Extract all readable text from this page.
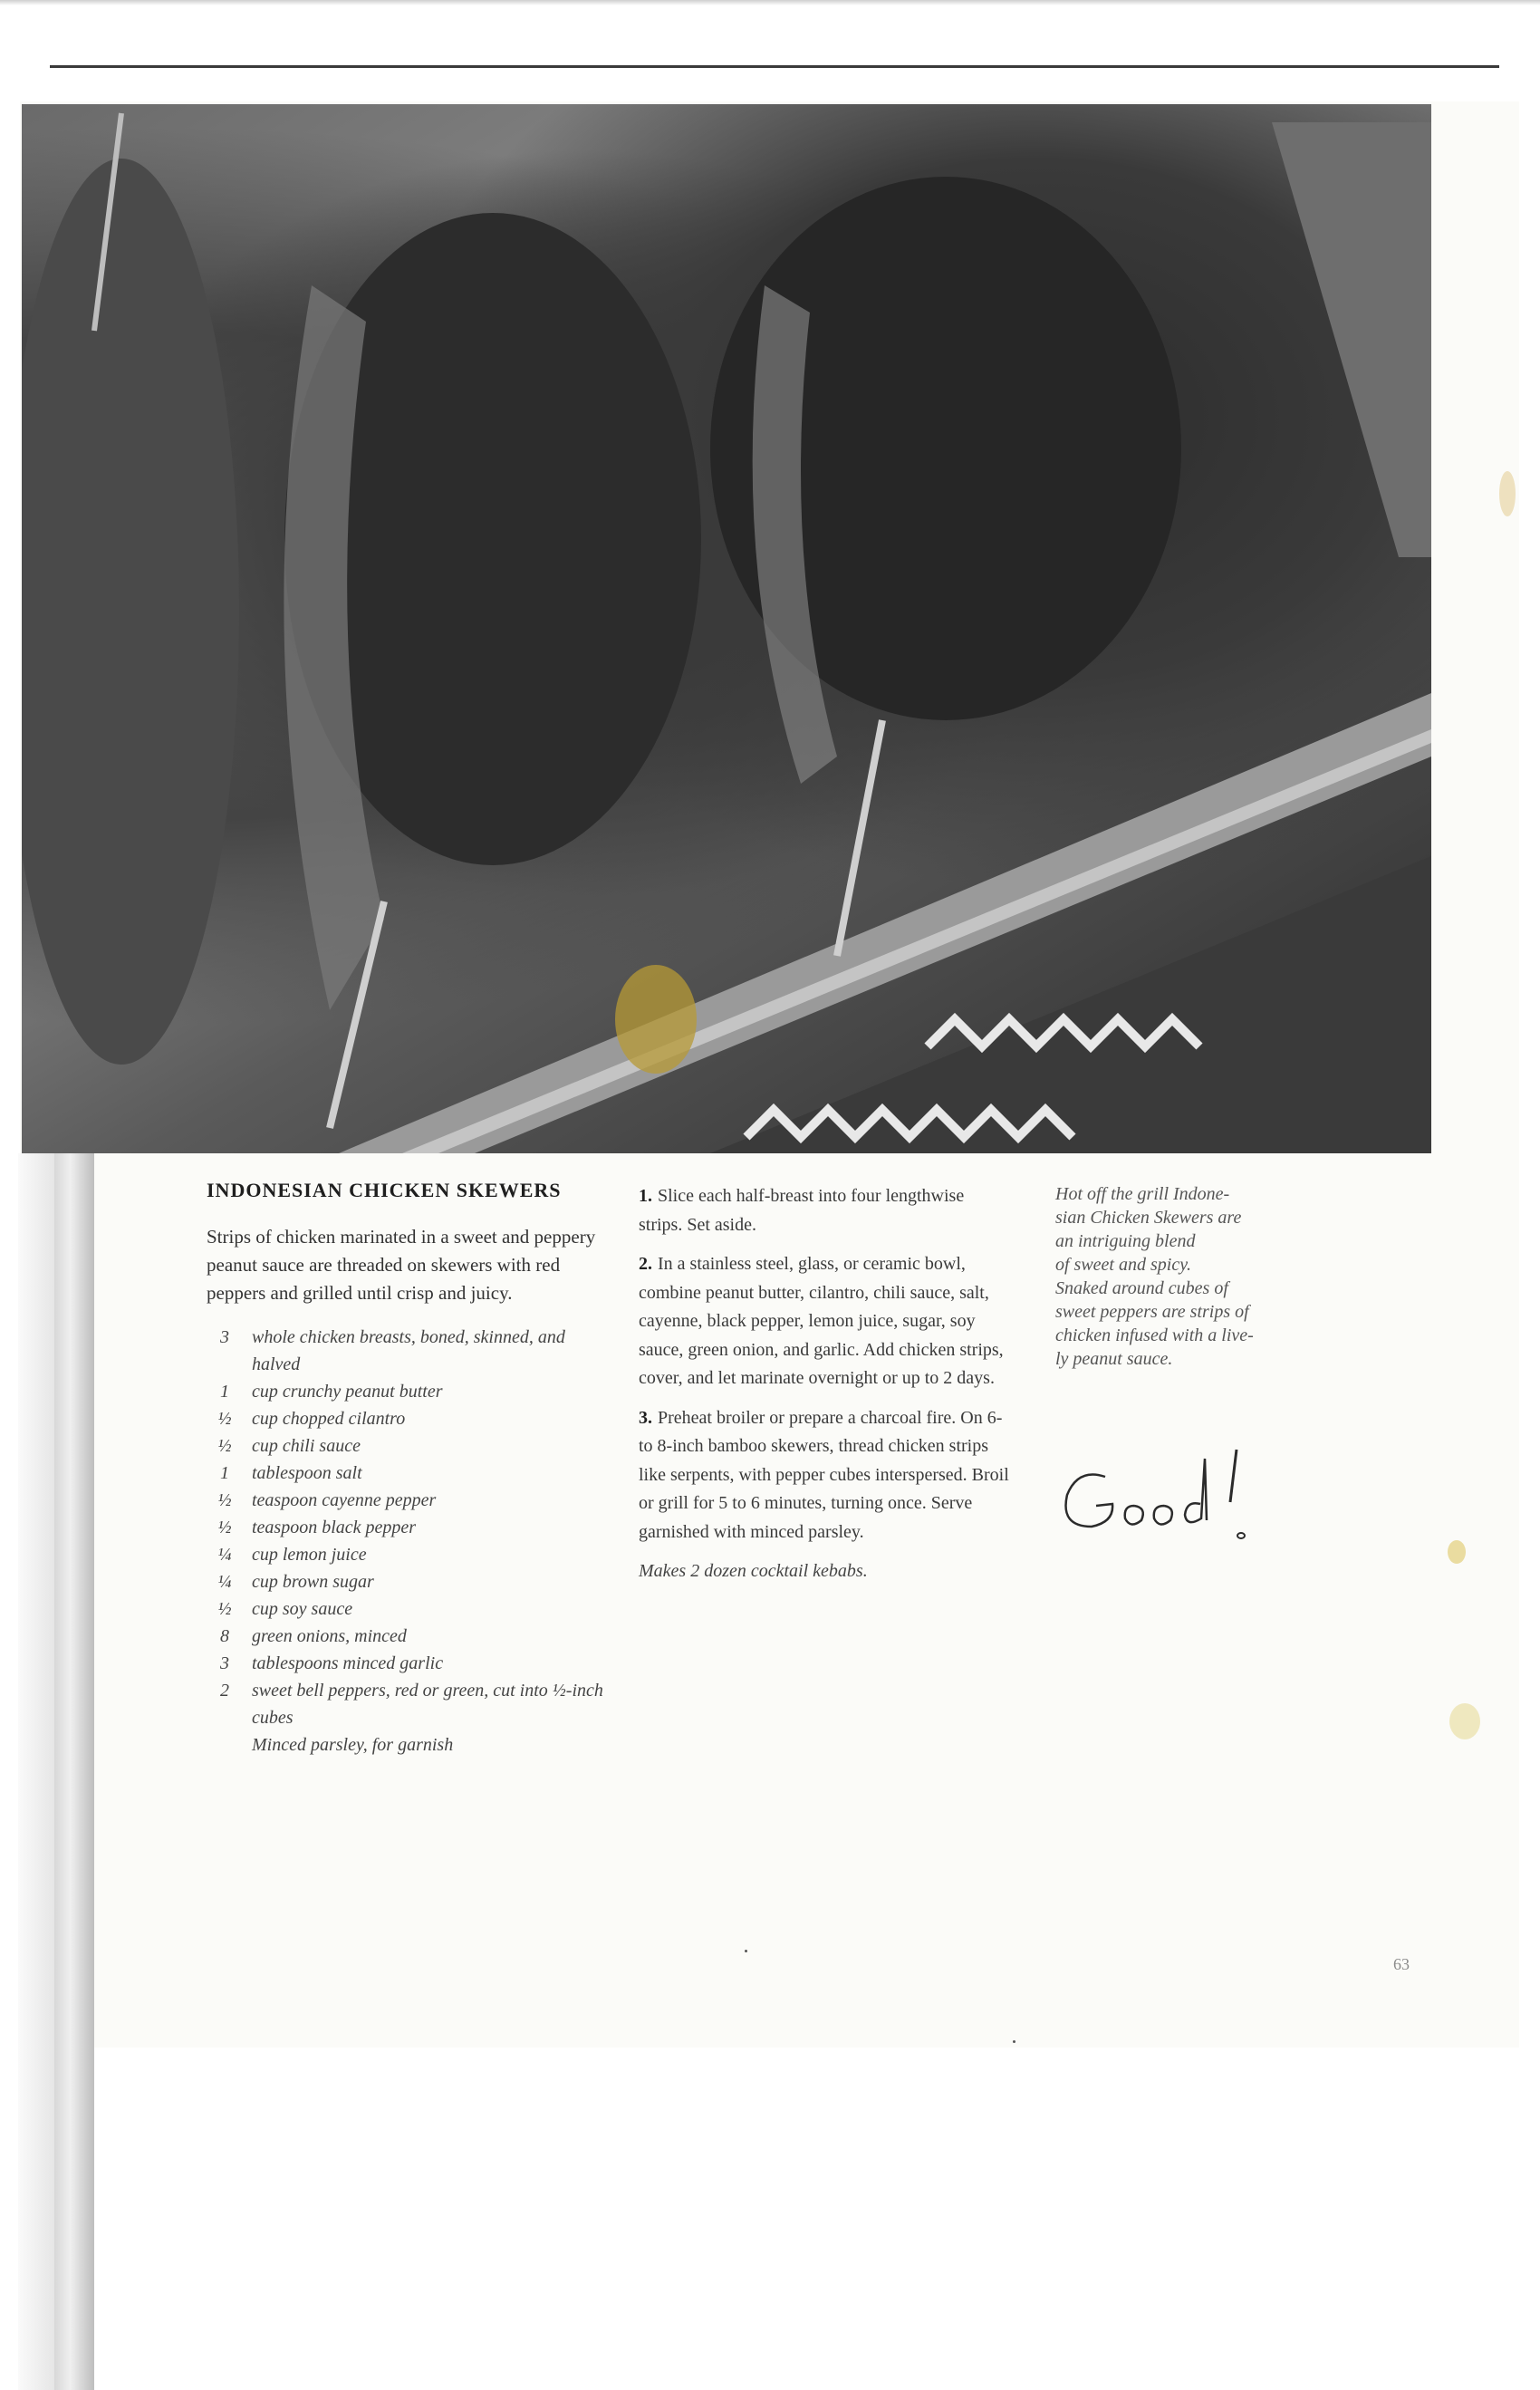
INDONESIAN CHICKEN SKEWERS

Strips of chicken marinated in a sweet and peppery peanut sauce are threaded on skewers with red peppers and grilled until crisp and juicy.

3	whole chicken breasts, boned, skinned, and halved
1	cup crunchy peanut butter
½	cup chopped cilantro
½	cup chili sauce
1	tablespoon salt
½	teaspoon cayenne pepper
½	teaspoon black pepper
¼	cup lemon juice
¼	cup brown sugar
½	cup soy sauce
8	green onions, minced
3	tablespoons minced garlic
2	sweet bell peppers, red or green, cut into ½-inch cubes
Minced parsley, for garnish

1. Slice each half-breast into four lengthwise strips. Set aside.

2. In a stainless steel, glass, or ceramic bowl, combine peanut butter, cilantro, chili sauce, salt, cayenne, black pepper, lemon juice, sugar, soy sauce, green onion, and garlic. Add chicken strips, cover, and let marinate overnight or up to 2 days.

3. Preheat broiler or prepare a charcoal fire. On 6- to 8-inch bamboo skewers, thread chicken strips like serpents, with pepper cubes interspersed. Broil or grill for 5 to 6 minutes, turning once. Serve garnished with minced parsley.

Makes 2 dozen cocktail kebabs.

Hot off the grill Indone-

sian Chicken Skewers are

an intriguing blend

of sweet and spicy.

Snaked around cubes of

sweet peppers are strips of

chicken infused with a live-

ly peanut sauce.

63
